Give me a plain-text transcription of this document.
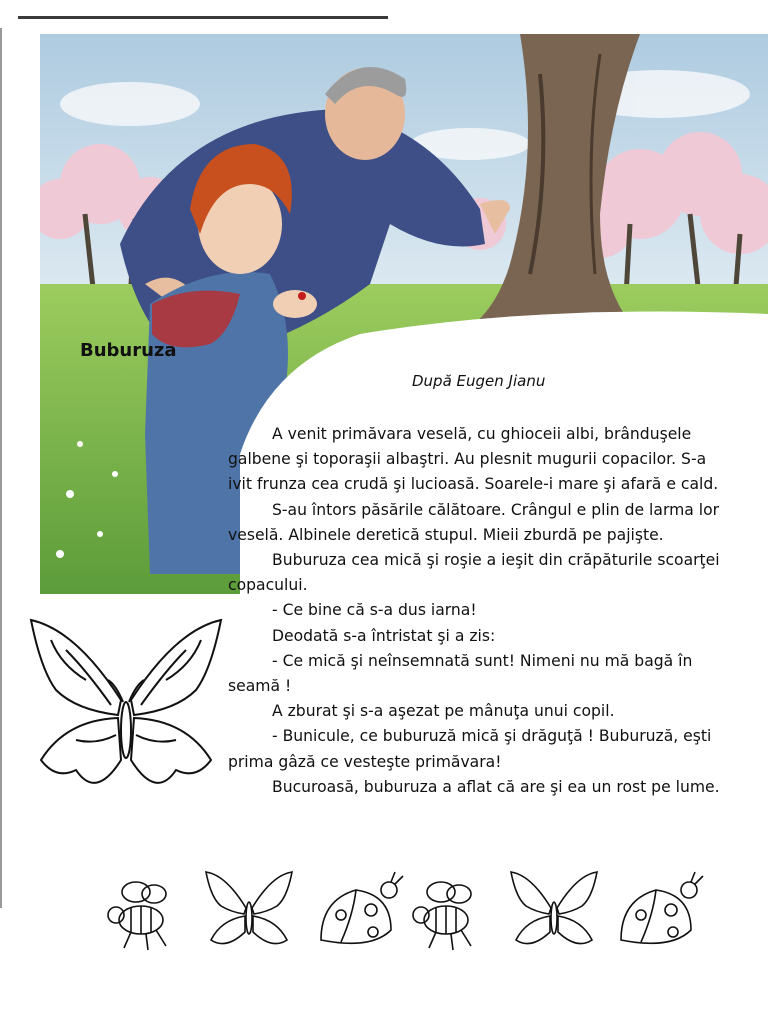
Buburuza
După Eugen Jianu

A venit primăvara veselă, cu ghioceii albi, brânduşele galbene şi toporaşii albaştri. Au plesnit mugurii copacilor. S-a ivit frunza cea crudă şi lucioasă. Soarele-i mare şi afară e cald.

S-au întors păsările călătoare. Crângul e plin de larma lor veselă. Albinele deretică stupul. Mieii zburdă pe pajişte.

Buburuza cea mică şi roşie a ieşit din crăpăturile scoarţei copacului.

- Ce bine că s-a dus iarna!

Deodată s-a întristat şi a zis:

- Ce mică şi neînsemnată sunt! Nimeni nu mă bagă în seamă !

A zburat şi s-a aşezat pe mânuţa unui copil.

- Bunicule, ce buburuză mică şi drăguţă ! Buburuză, eşti prima gâză ce vesteşte primăvara!

Bucuroasă, buburuza a aflat că are şi ea un rost pe lume.
